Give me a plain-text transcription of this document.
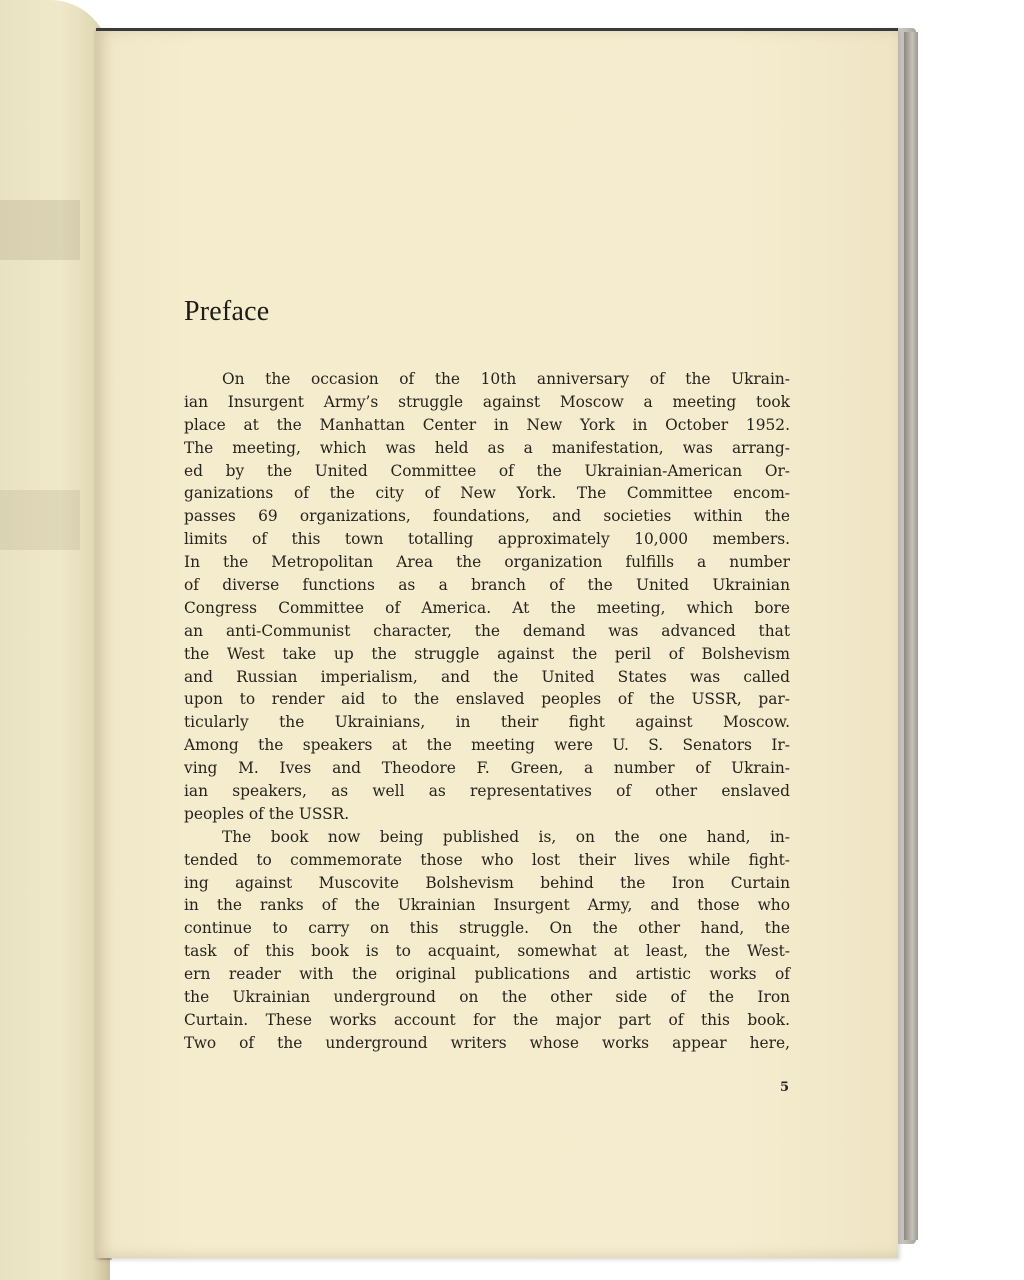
Preface
On the occasion of the 10th anniversary of the Ukrain-
ian Insurgent Army’s struggle against Moscow a meeting took
place at the Manhattan Center in New York in October 1952.
The meeting, which was held as a manifestation, was arrang-
ed by the United Committee of the Ukrainian-American Or-
ganizations of the city of New York. The Committee encom-
passes 69 organizations, foundations, and societies within the
limits of this town totalling approximately 10,000 members.
In the Metropolitan Area the organization fulfills a number
of diverse functions as a branch of the United Ukrainian
Congress Committee of America. At the meeting, which bore
an anti-Communist character, the demand was advanced that
the West take up the struggle against the peril of Bolshevism
and Russian imperialism, and the United States was called
upon to render aid to the enslaved peoples of the USSR, par-
ticularly the Ukrainians, in their fight against Moscow.
Among the speakers at the meeting were U. S. Senators Ir-
ving M. Ives and Theodore F. Green, a number of Ukrain-
ian speakers, as well as representatives of other enslaved
peoples of the USSR.
The book now being published is, on the one hand, in-
tended to commemorate those who lost their lives while fight-
ing against Muscovite Bolshevism behind the Iron Curtain
in the ranks of the Ukrainian Insurgent Army, and those who
continue to carry on this struggle. On the other hand, the
task of this book is to acquaint, somewhat at least, the West-
ern reader with the original publications and artistic works of
the Ukrainian underground on the other side of the Iron
Curtain. These works account for the major part of this book.
Two of the underground writers whose works appear here,
5
